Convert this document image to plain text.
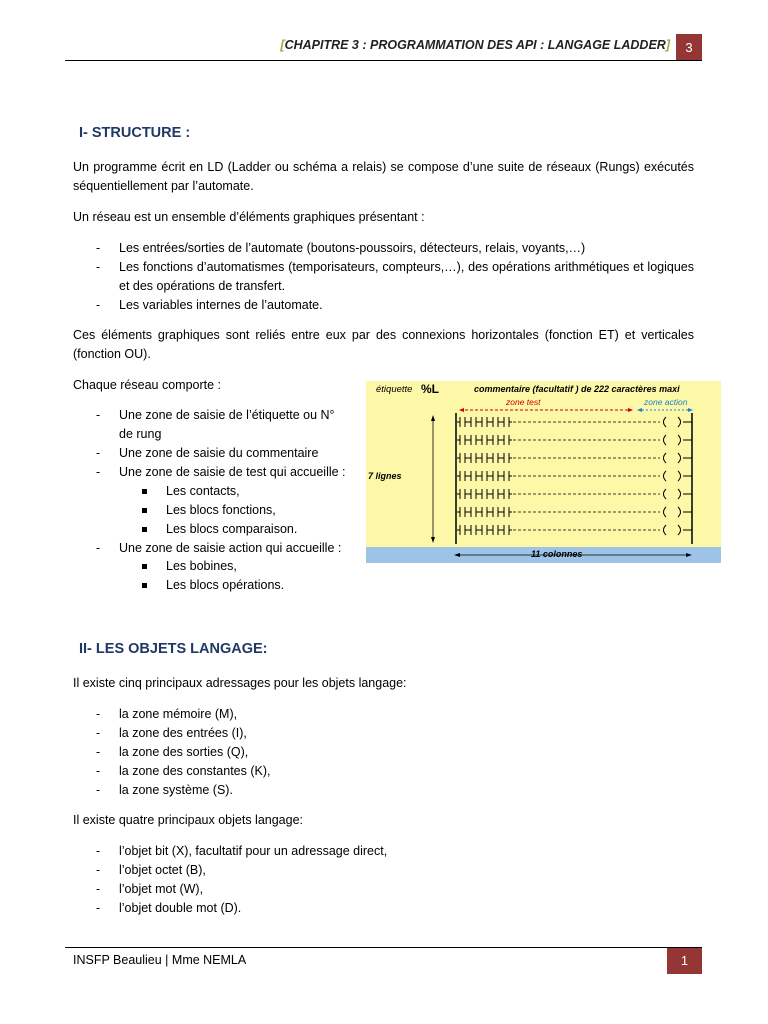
[CHAPITRE 3 : PROGRAMMATION DES API : LANGAGE LADDER]	3
I- STRUCTURE :
Un programme écrit en LD (Ladder ou schéma a relais) se compose d’une suite de réseaux (Rungs) exécutés séquentiellement par l’automate.
Un réseau est un ensemble d’éléments graphiques présentant :
- Les entrées/sorties de l’automate (boutons-poussoirs, détecteurs, relais, voyants,…)
- Les fonctions d’automatismes (temporisateurs, compteurs,…), des opérations arithmétiques et logiques et des opérations de transfert.
- Les variables internes de l’automate.
Ces éléments graphiques sont reliés entre eux par des connexions horizontales (fonction ET) et verticales (fonction OU).
Chaque réseau comporte :
- Une zone de saisie de l’étiquette ou N° de rung
- Une zone de saisie du commentaire
- Une zone de saisie de test qui accueille :
Les contacts,
Les blocs fonctions,
Les blocs comparaison.
- Une zone de saisie action qui accueille :
Les bobines,
Les blocs opérations.
étiquette %L	commentaire (facultatif ) de 222 caractères maxi
zone test	zone action
7 lignes
11 colonnes
II- LES OBJETS LANGAGE:
Il existe cinq principaux adressages pour les objets langage:
- la zone mémoire (M),
- la zone des entrées (I),
- la zone des sorties (Q),
- la zone des constantes (K),
- la zone système (S).
Il existe quatre principaux objets langage:
- l’objet bit (X), facultatif pour un adressage direct,
- l’objet octet (B),
- l’objet mot (W),
- l’objet double mot (D).
INSFP Beaulieu | Mme NEMLA	1
